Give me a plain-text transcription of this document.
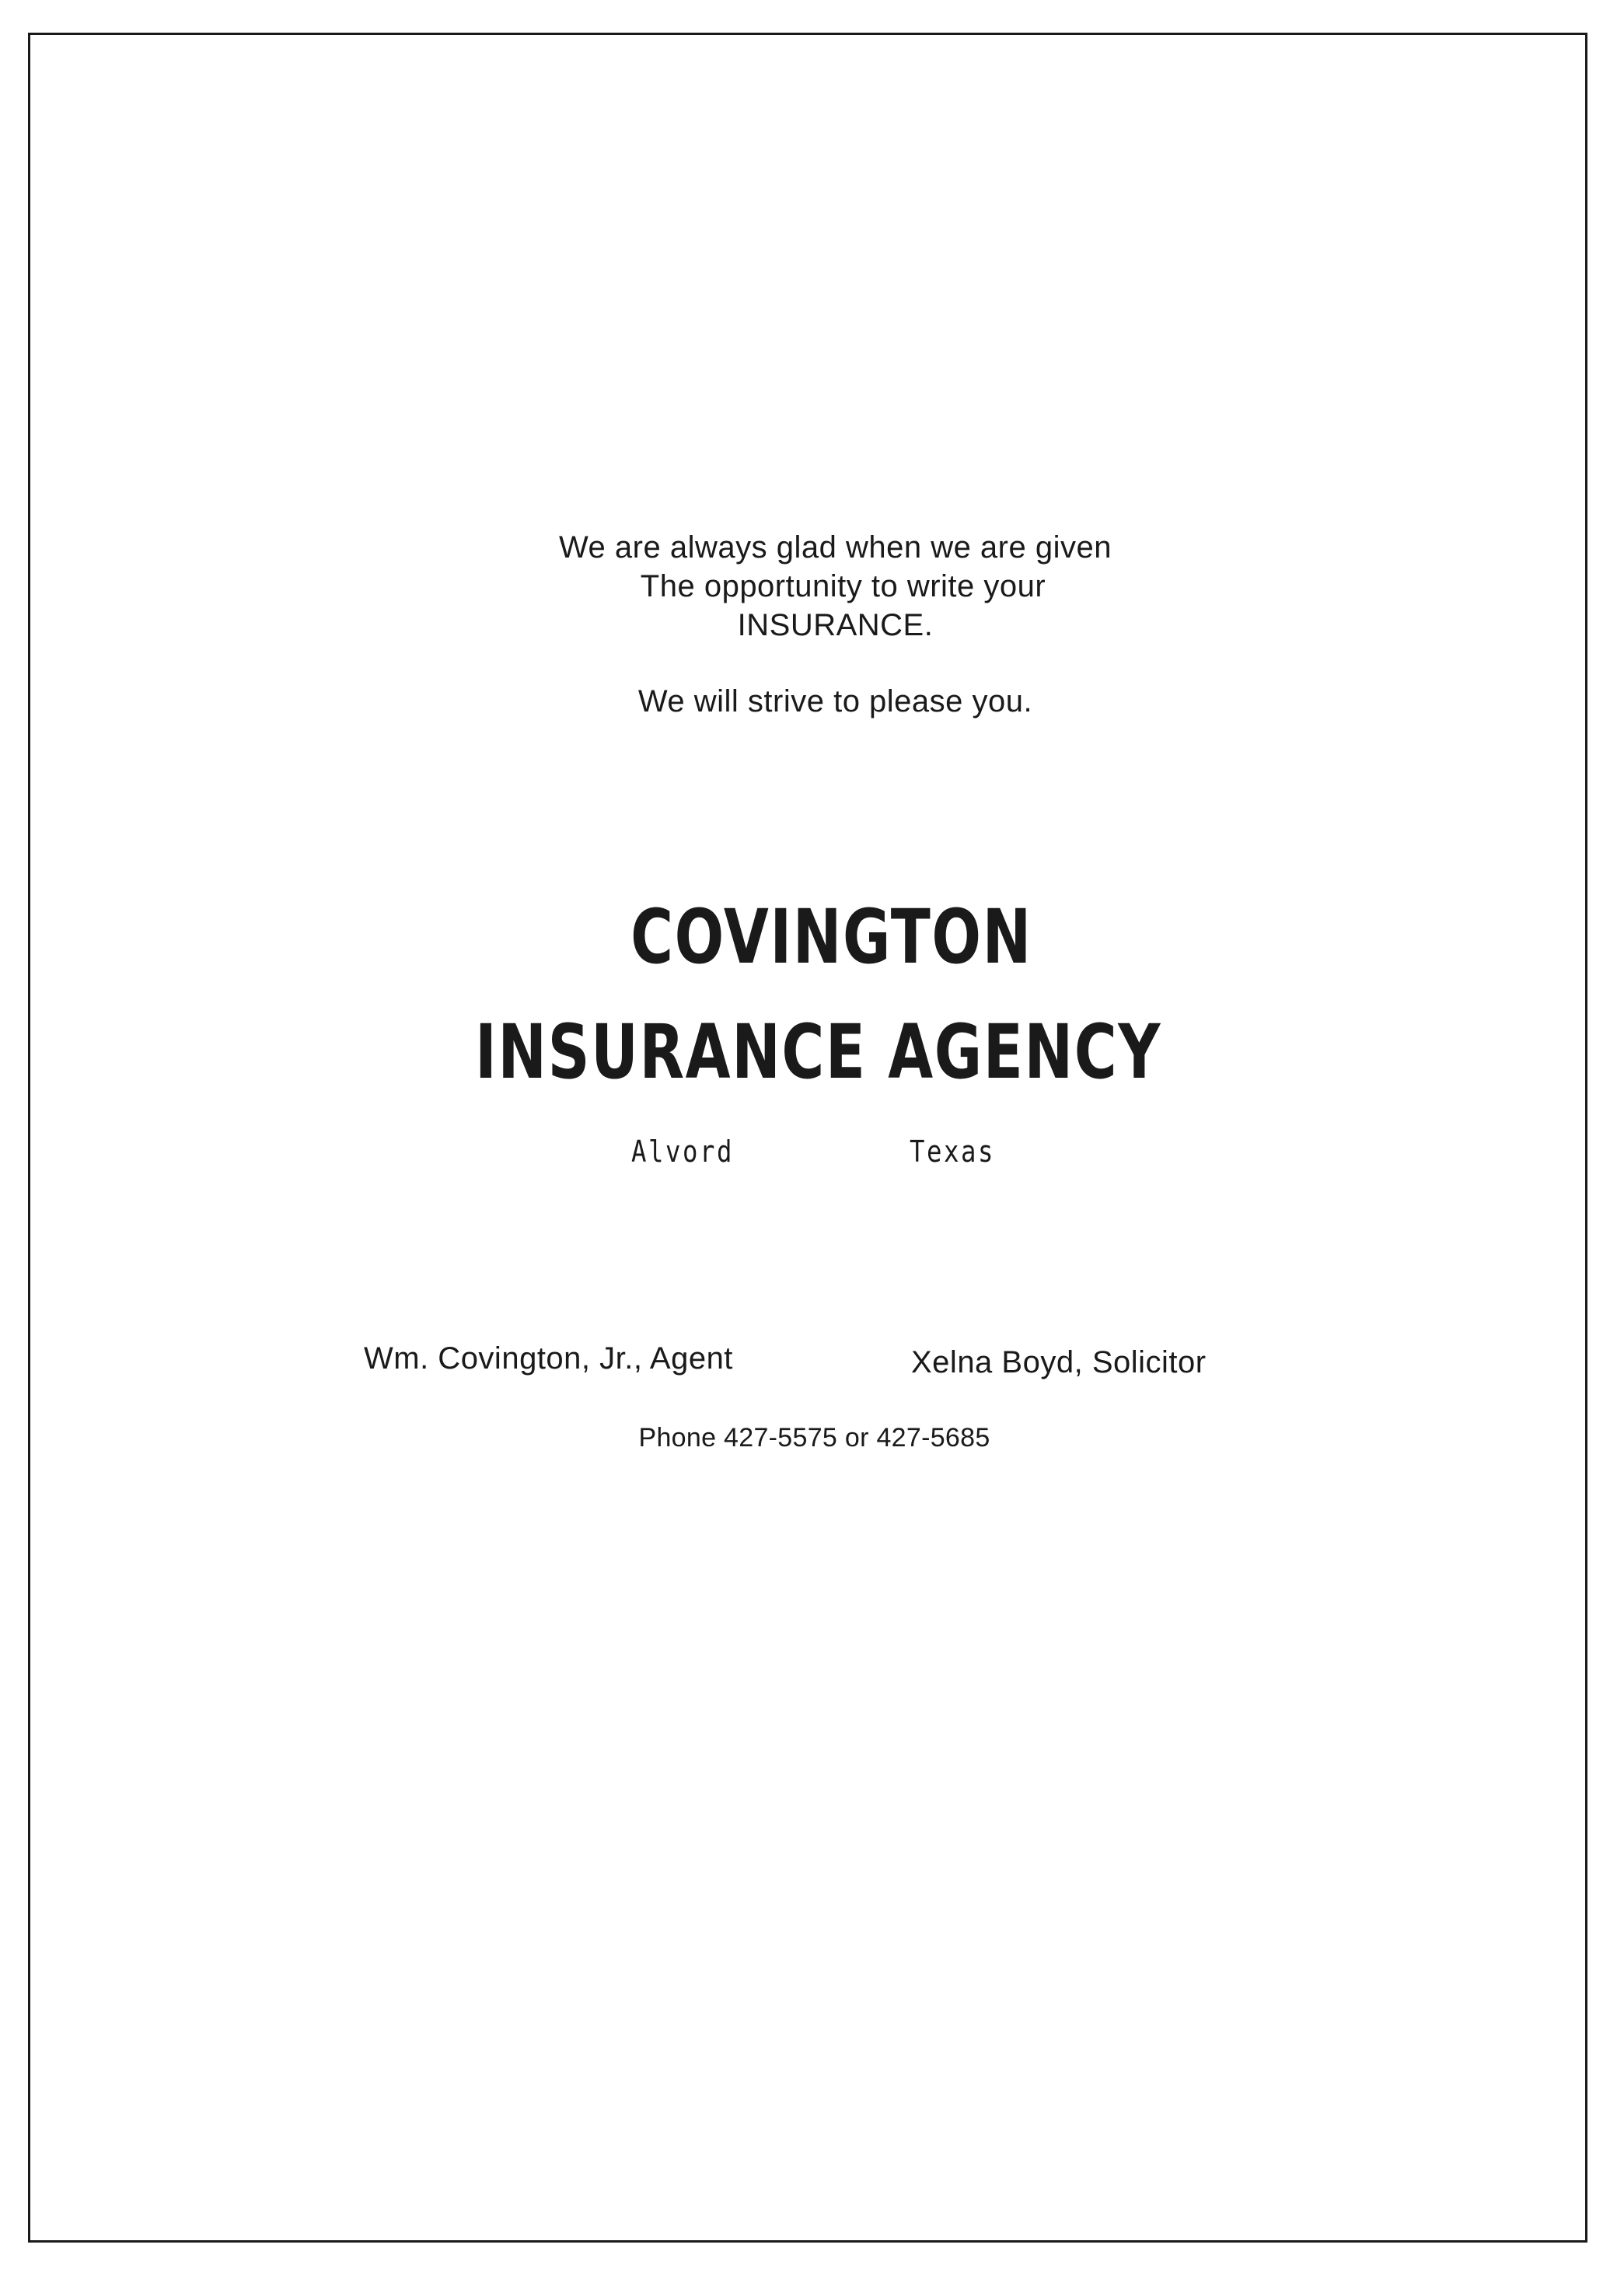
We are always glad when we are given
The opportunity to write your
INSURANCE.
We will strive to please you.
COVINGTON
INSURANCE AGENCY
Alvord	Texas
Wm. Covington, Jr., Agent	Xelna Boyd, Solicitor
Phone 427-5575 or 427-5685
